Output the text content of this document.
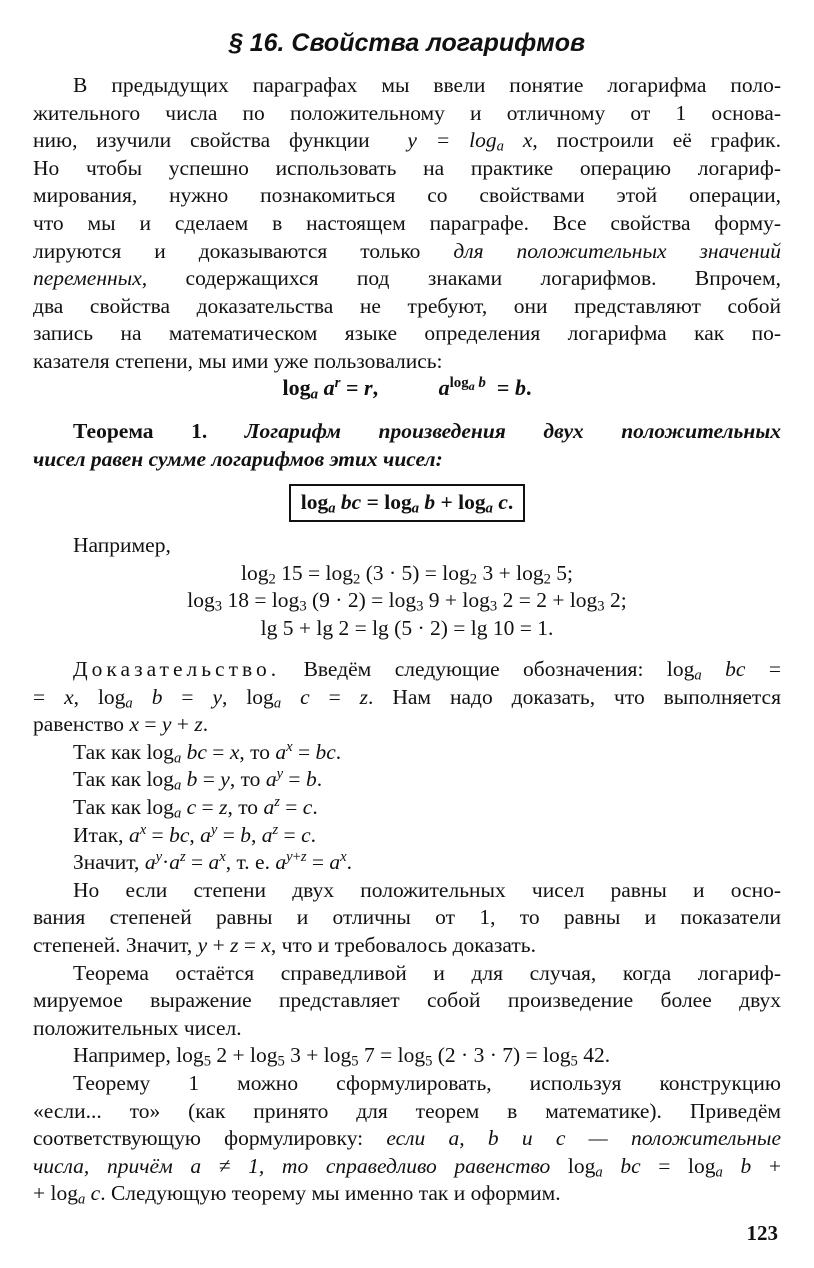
§ 16. Свойства логарифмов
В предыдущих параграфах мы ввели понятие логарифма поло-
жительного числа по положительному и отличному от 1 основа-
нию, изучили свойства функции $y = \log_a x$, построили её график.
Но чтобы успешно использовать на практике операцию логариф-
мирования, нужно познакомиться со свойствами этой операции,
что мы и сделаем в настоящем параграфе. Все свойства форму-
лируются и доказываются только для положительных значений
переменных, содержащихся под знаками логарифмов. Впрочем,
два свойства доказательства не требуют, они представляют собой
запись на математическом языке определения логарифма как по-
казателя степени, мы ими уже пользовались:
$\log_a a^r = r$,           $a^{log_a b} = b$.
Теорема 1. Логарифм произведения двух положительных
чисел равен сумме логарифмов этих чисел:
$\log_a$ bc = $\log_a b + \log_a c$.
Например,
$\log_2 15 = \log_2 (3 \cdot 5) = \log_2 3 + \log_2 5$;
$\log_3 18 = \log_3 (9 \cdot 2) = \log_3 9 + \log_3 2 = 2 + \log_3 2$;
lg 5 + lg 2 = lg (5 · 2) = lg 10 = 1.
Доказательство. Введём следующие обозначения: $\log_a$ bc =
= x, $\log_a b = y$, $\log_a c = z$. Нам надо доказать, что выполняется
равенство x = y + z.
Так как $\log_a$ bc = x, то $a^x$ = bc.
Так как $\log_a b = y$, то $a^y = b$.
Так как $\log_a c = z$, то $a^z = c$.
Итак, $a^x$ = bc, $a^y = b$, $a^z = c$.
Значит, $a^y\cdot a^z = a^x$, т. е. $a^{y+z} = a^x$.
Но если степени двух положительных чисел равны и осно-
вания степеней равны и отличны от 1, то равны и показатели
степеней. Значит, y + z = x, что и требовалось доказать.
Теорема остаётся справедливой и для случая, когда логариф-
мируемое выражение представляет собой произведение более двух
положительных чисел.
Например, $\log_5 2 + \log_5 3 + \log_5 7 = \log_5 (2 \cdot 3 \cdot 7) = \log_5 42$.
Теорему 1 можно сформулировать, используя конструкцию
«если... то» (как принято для теорем в математике). Приведём
соответствующую формулировку: если a, b и c — положительные
числа, причём a ≠ 1, то справедливо равенство $\log_a$ bc = $\log_a b$ +
+ $\log_a c$. Следующую теорему мы именно так и оформим.
123
